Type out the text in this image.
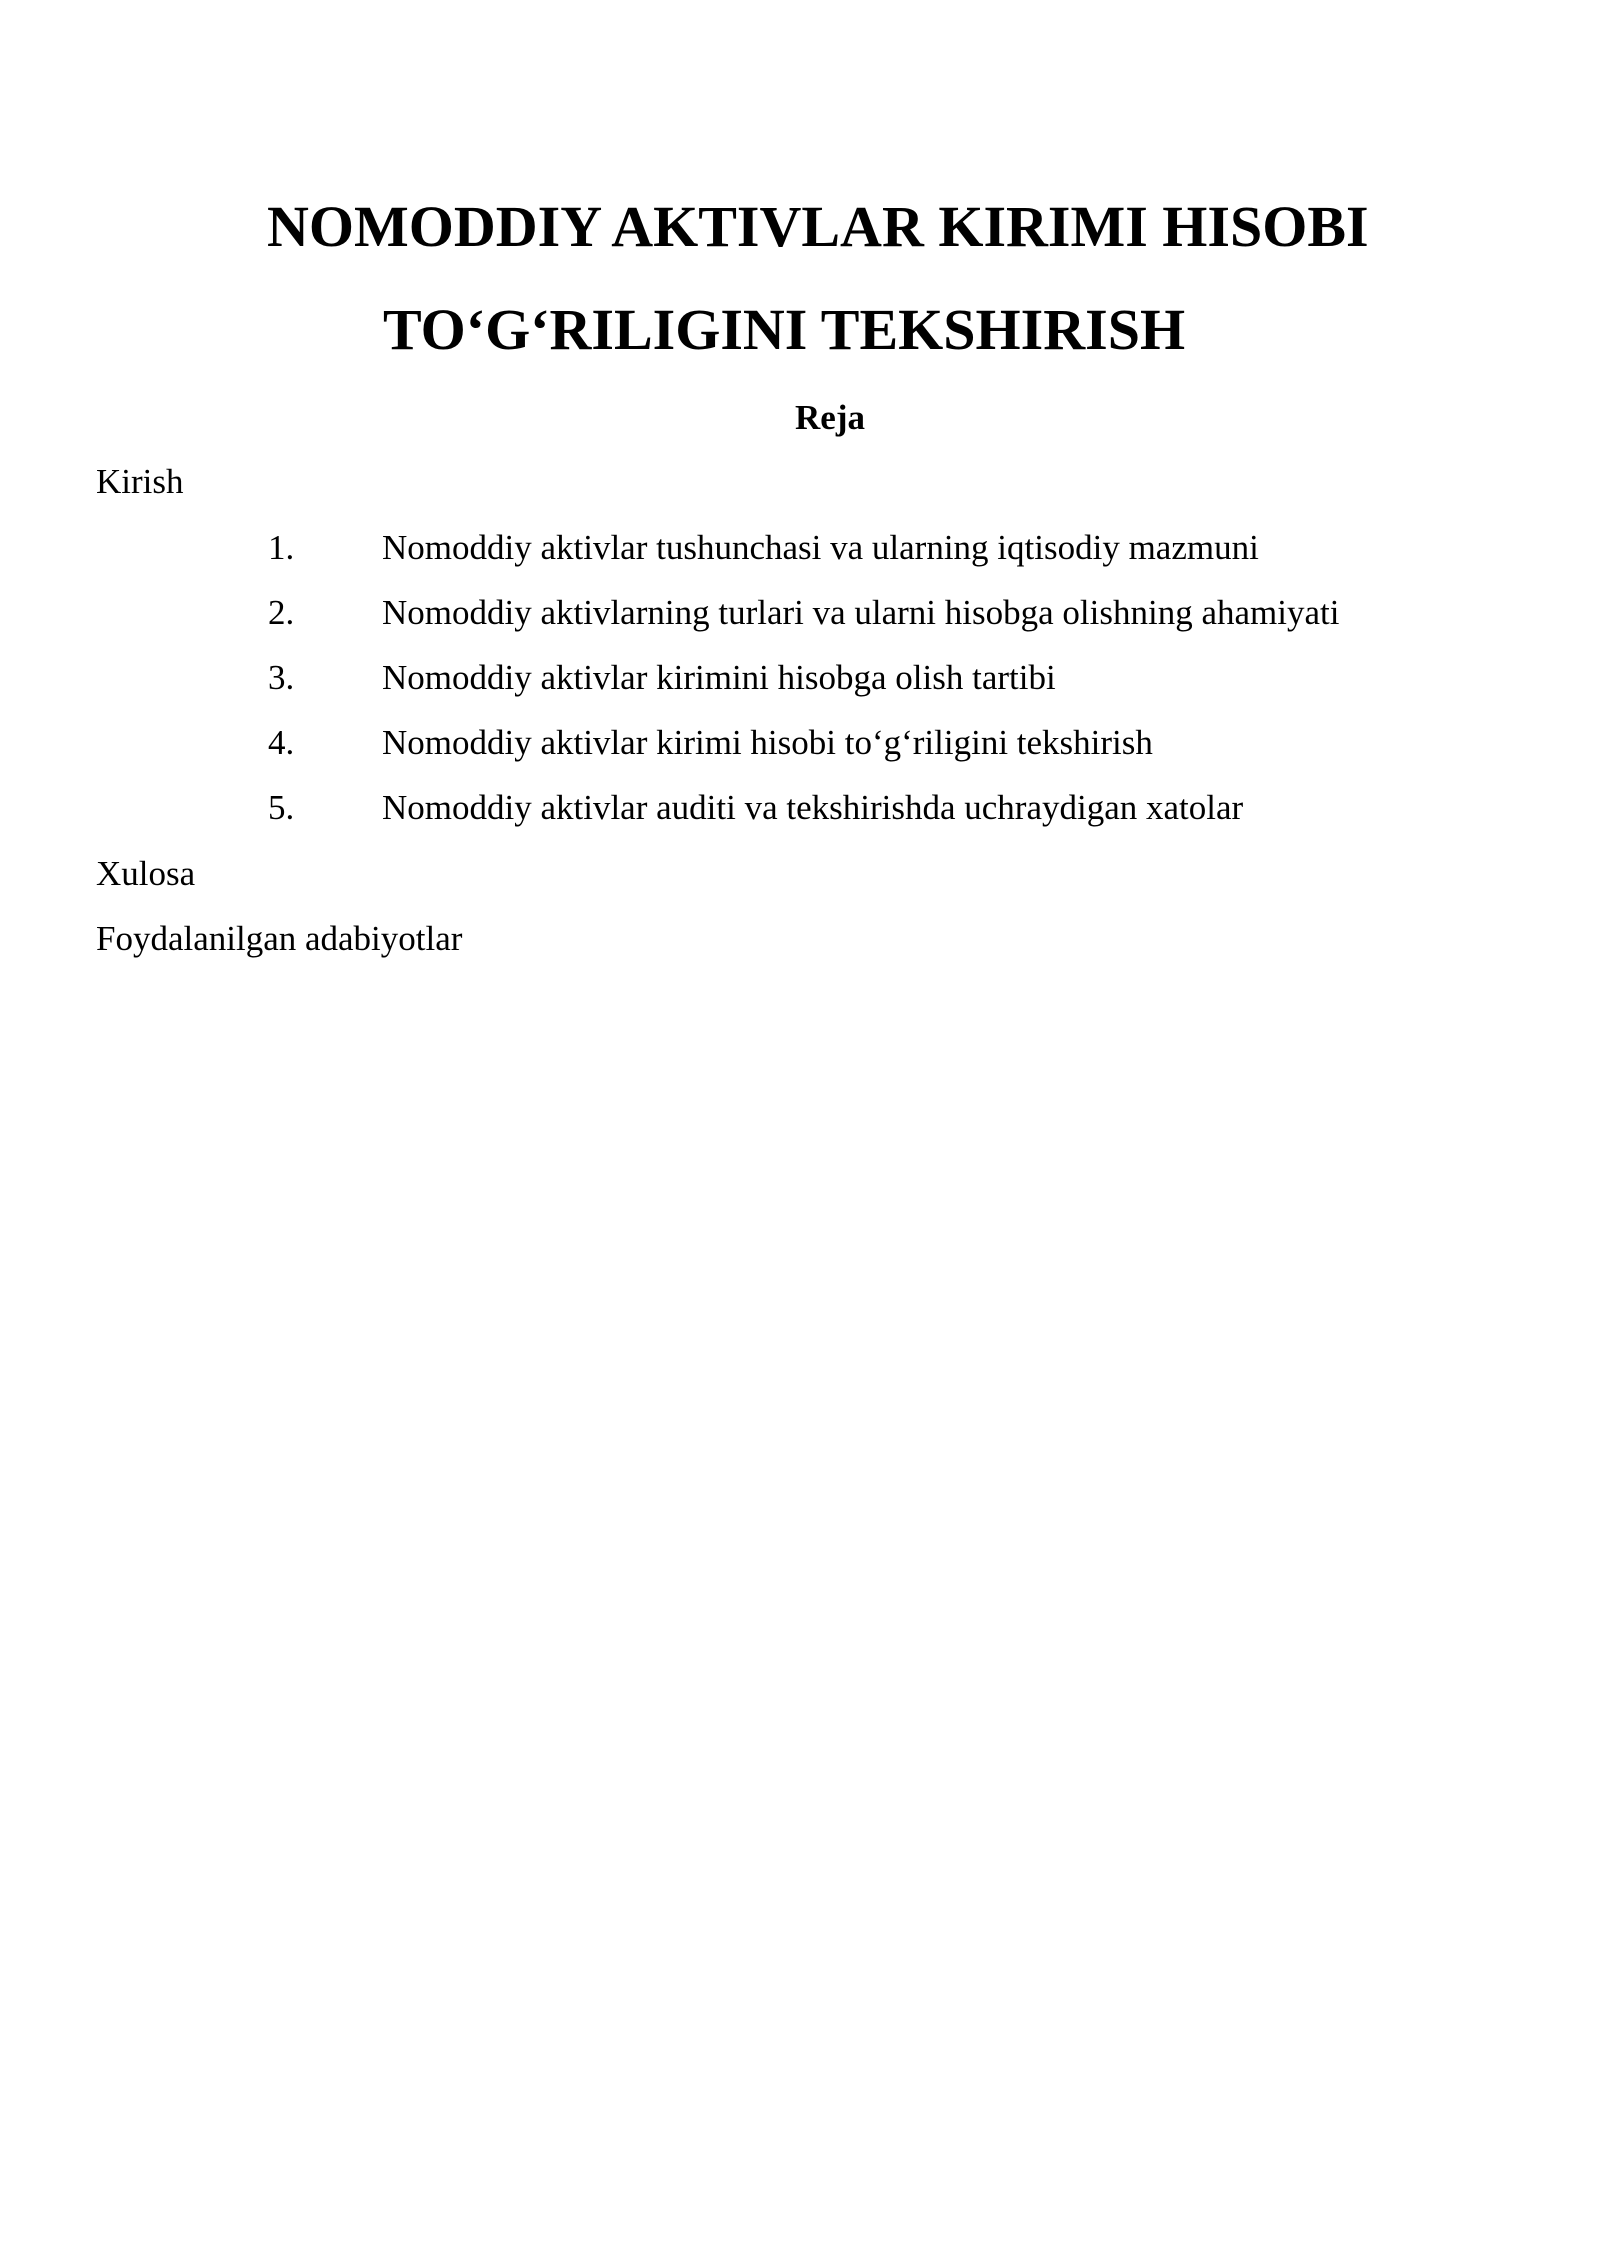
NOMODDIY AKTIVLAR KIRIMI HISOBI
TO‘G‘RILIGINI TEKSHIRISH
Reja
Kirish
1.	Nomoddiy aktivlar tushunchasi va ularning iqtisodiy mazmuni
2.	Nomoddiy aktivlarning turlari va ularni hisobga olishning ahamiyati
3.	Nomoddiy aktivlar kirimini hisobga olish tartibi
4.	Nomoddiy aktivlar kirimi hisobi to‘g‘riligini tekshirish
5.	Nomoddiy aktivlar auditi va tekshirishda uchraydigan xatolar
Xulosa
Foydalanilgan adabiyotlar
